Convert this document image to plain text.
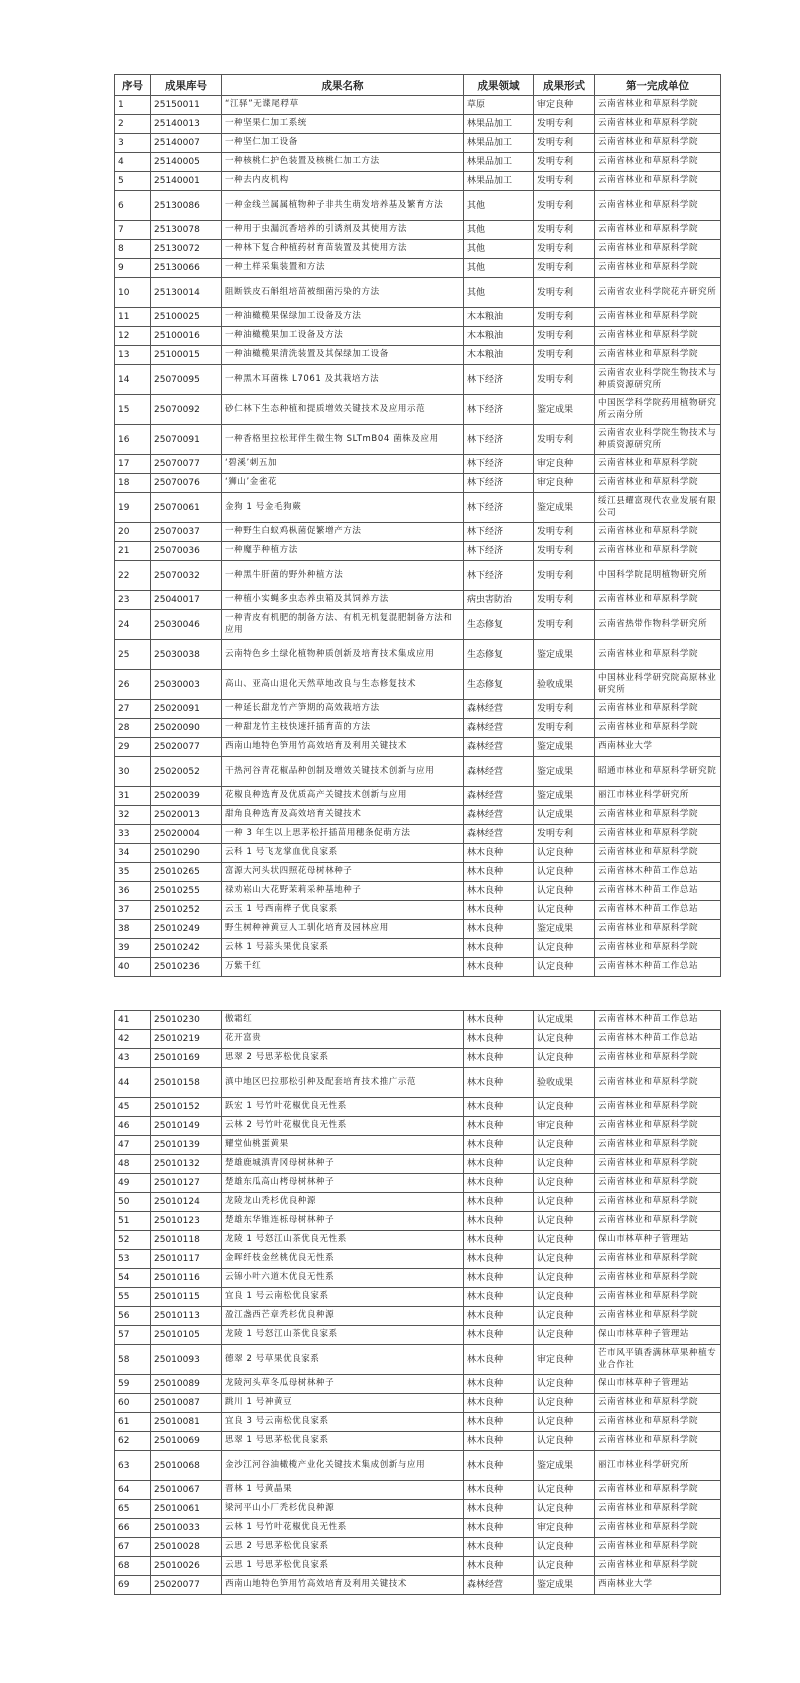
序号	成果库号	成果名称	成果领域	成果形式	第一完成单位
1	25150011	“江驿”无谍尾稃草	草原	审定良种	云南省林业和草原科学院
2	25140013	一种坚果仁加工系统	林果品加工	发明专利	云南省林业和草原科学院
3	25140007	一种坚仁加工设备	林果品加工	发明专利	云南省林业和草原科学院
4	25140005	一种核桃仁护色装置及核桃仁加工方法	林果品加工	发明专利	云南省林业和草原科学院
5	25140001	一种去内皮机构	林果品加工	发明专利	云南省林业和草原科学院
6	25130086	一种金线兰属属植物种子非共生萌发培养基及繁育方法	其他	发明专利	云南省林业和草原科学院
7	25130078	一种用于虫漏沉香培养的引诱剂及其使用方法	其他	发明专利	云南省林业和草原科学院
8	25130072	一种林下复合种植药材育苗装置及其使用方法	其他	发明专利	云南省林业和草原科学院
9	25130066	一种土样采集装置和方法	其他	发明专利	云南省林业和草原科学院
10	25130014	阻断铁皮石斛组培苗被细菌污染的方法	其他	发明专利	云南省农业科学院花卉研究所
11	25100025	一种油橄榄果保绿加工设备及方法	木本粮油	发明专利	云南省林业和草原科学院
12	25100016	一种油橄榄果加工设备及方法	木本粮油	发明专利	云南省林业和草原科学院
13	25100015	一种油橄榄果清洗装置及其保绿加工设备	木本粮油	发明专利	云南省林业和草原科学院
14	25070095	一种黑木耳菌株 L7061 及其栽培方法	林下经济	发明专利	云南省农业科学院生物技术与种质资源研究所
15	25070092	砂仁林下生态种植和提质增效关键技术及应用示范	林下经济	鉴定成果	中国医学科学院药用植物研究所云南分所
16	25070091	一种香格里拉松茸伴生微生物 SLTmB04 菌株及应用	林下经济	发明专利	云南省农业科学院生物技术与种质资源研究所
17	25070077	‘碧溪’刺五加	林下经济	审定良种	云南省林业和草原科学院
18	25070076	‘狮山’金雀花	林下经济	审定良种	云南省林业和草原科学院
19	25070061	金狗 1 号金毛狗蕨	林下经济	鉴定成果	绥江县耀富现代农业发展有限公司
20	25070037	一种野生白蚁鸡枞菌促繁增产方法	林下经济	发明专利	云南省林业和草原科学院
21	25070036	一种魔芋种植方法	林下经济	发明专利	云南省林业和草原科学院
22	25070032	一种黑牛肝菌的野外种植方法	林下经济	发明专利	中国科学院昆明植物研究所
23	25040017	一种植小实蝇多虫态养虫箱及其饲养方法	病虫害防治	发明专利	云南省林业和草原科学院
24	25030046	一种青皮有机肥的制备方法、有机无机复混肥制备方法和应用	生态修复	发明专利	云南省热带作物科学研究所
25	25030038	云南特色乡土绿化植物种质创新及培育技术集成应用	生态修复	鉴定成果	云南省林业和草原科学院
26	25030003	高山、亚高山退化天然草地改良与生态修复技术	生态修复	验收成果	中国林业科学研究院高原林业研究所
27	25020091	一种延长甜龙竹产笋期的高效栽培方法	森林经营	发明专利	云南省林业和草原科学院
28	25020090	一种甜龙竹主枝快速扦插育苗的方法	森林经营	发明专利	云南省林业和草原科学院
29	25020077	西南山地特色笋用竹高效培育及利用关键技术	森林经营	鉴定成果	西南林业大学
30	25020052	干热河谷青花椒品种创制及增效关键技术创新与应用	森林经营	鉴定成果	昭通市林业和草原科学研究院
31	25020039	花椒良种选育及优质高产关键技术创新与应用	森林经营	鉴定成果	丽江市林业科学研究所
32	25020013	甜角良种选育及高效培育关键技术	森林经营	认定成果	云南省林业和草原科学院
33	25020004	一种 3 年生以上思茅松扦插苗用穗条促萌方法	森林经营	发明专利	云南省林业和草原科学院
34	25010290	云科 1 号飞龙掌血优良家系	林木良种	认定良种	云南省林业和草原科学院
35	25010265	富源大河头状四照花母树林种子	林木良种	认定良种	云南省林木种苗工作总站
36	25010255	禄劝崧山大花野茉莉采种基地种子	林木良种	认定良种	云南省林木种苗工作总站
37	25010252	云玉 1 号西南桦子优良家系	林木良种	认定良种	云南省林木种苗工作总站
38	25010249	野生树种神黄豆人工驯化培育及园林应用	林木良种	鉴定成果	云南省林业和草原科学院
39	25010242	云林 1 号蒜头果优良家系	林木良种	认定良种	云南省林业和草原科学院
40	25010236	万紫千红	林木良种	认定良种	云南省林木种苗工作总站
41	25010230	傲霜红	林木良种	认定成果	云南省林木种苗工作总站
42	25010219	花开富贵	林木良种	认定良种	云南省林木种苗工作总站
43	25010169	思翠 2 号思茅松优良家系	林木良种	认定良种	云南省林业和草原科学院
44	25010158	滇中地区巴拉那松引种及配套培育技术推广示范	林木良种	验收成果	云南省林业和草原科学院
45	25010152	跃宏 1 号竹叶花椒优良无性系	林木良种	认定良种	云南省林业和草原科学院
46	25010149	云林 2 号竹叶花椒优良无性系	林木良种	审定良种	云南省林业和草原科学院
47	25010139	耀堂仙桃蛋黄果	林木良种	认定良种	云南省林业和草原科学院
48	25010132	楚雄鹿城滇青冈母树林种子	林木良种	认定良种	云南省林业和草原科学院
49	25010127	楚雄东瓜高山栲母树林种子	林木良种	认定良种	云南省林业和草原科学院
50	25010124	龙陵龙山秃杉优良种源	林木良种	认定良种	云南省林业和草原科学院
51	25010123	楚雄东华锥连栎母树林种子	林木良种	认定良种	云南省林业和草原科学院
52	25010118	龙陵 1 号怒江山茶优良无性系	林木良种	认定良种	保山市林草种子管理站
53	25010117	金晖纤枝金丝桃优良无性系	林木良种	认定良种	云南省林业和草原科学院
54	25010116	云锦小叶六道木优良无性系	林木良种	认定良种	云南省林业和草原科学院
55	25010115	宜良 1 号云南松优良家系	林木良种	认定良种	云南省林业和草原科学院
56	25010113	盈江盏西芒章秃杉优良种源	林木良种	认定良种	云南省林业和草原科学院
57	25010105	龙陵 1 号怒江山茶优良家系	林木良种	认定良种	保山市林草种子管理站
58	25010093	德翠 2 号草果优良家系	林木良种	审定良种	芒市风平镇香满林草果种植专业合作社
59	25010089	龙陵河头草冬瓜母树林种子	林木良种	认定良种	保山市林草种子管理站
60	25010087	跳川 1 号神黄豆	林木良种	认定良种	云南省林业和草原科学院
61	25010081	宜良 3 号云南松优良家系	林木良种	认定良种	云南省林业和草原科学院
62	25010069	思翠 1 号思茅松优良家系	林木良种	认定良种	云南省林业和草原科学院
63	25010068	金沙江河谷油橄榄产业化关键技术集成创新与应用	林木良种	鉴定成果	丽江市林业科学研究所
64	25010067	晋林 1 号黄晶果	林木良种	认定良种	云南省林业和草原科学院
65	25010061	梁河平山小厂秃杉优良种源	林木良种	认定良种	云南省林业和草原科学院
66	25010033	云林 1 号竹叶花椒优良无性系	林木良种	审定良种	云南省林业和草原科学院
67	25010028	云思 2 号思茅松优良家系	林木良种	认定良种	云南省林业和草原科学院
68	25010026	云思 1 号思茅松优良家系	林木良种	认定良种	云南省林业和草原科学院
69	25020077	西南山地特色笋用竹高效培育及利用关键技术	森林经营	鉴定成果	西南林业大学
